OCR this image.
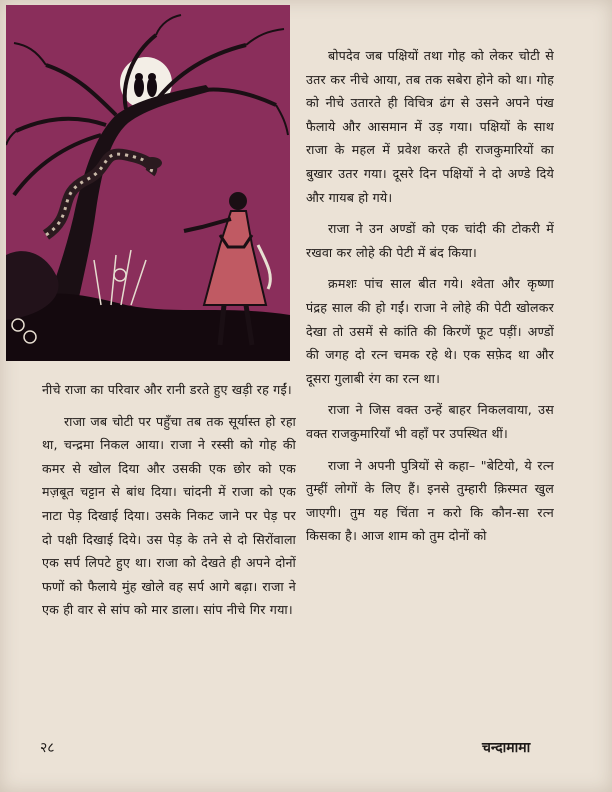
बोपदेव जब पक्षियों तथा गोह को लेकर चोटी से उतर कर नीचे आया, तब तक सबेरा होने को था। गोह को नीचे उतारते ही विचित्र ढंग से उसने अपने पंख फैलाये और आसमान में उड़ गया। पक्षियों के साथ राजा के महल में प्रवेश करते ही राजकुमारियों का बुखार उतर गया। दूसरे दिन पक्षियों ने दो अण्डे दिये और गायब हो गये।

राजा ने उन अण्डों को एक चांदी की टोकरी में रखवा कर लोहे की पेटी में बंद किया।

क्रमशः पांच साल बीत गये। श्वेता और कृष्णा पंद्रह साल की हो गईं। राजा ने लोहे की पेटी खोलकर देखा तो उसमें से कांति की किरणें फूट पड़ीं। अण्डों की जगह दो रत्न चमक रहे थे। एक सफ़ेद था और दूसरा गुलाबी रंग का रत्न था।

राजा ने जिस वक्त उन्हें बाहर निकलवाया, उस वक्त राजकुमारियाँ भी वहाँ पर उपस्थित थीं।

राजा ने अपनी पुत्रियों से कहा– "बेटियो, ये रत्न तुम्हीं लोगों के लिए हैं। इनसे तुम्हारी क़िस्मत खुल जाएगी। तुम यह चिंता न करो कि कौन-सा रत्न किसका है। आज शाम को तुम दोनों को

नीचे राजा का परिवार और रानी डरते हुए खड़ी रह गईं।

राजा जब चोटी पर पहुँचा तब तक सूर्यास्त हो रहा था, चन्द्रमा निकल आया। राजा ने रस्सी को गोह की कमर से खोल दिया और उसकी एक छोर को एक मज़बूत चट्टान से बांध दिया। चांदनी में राजा को एक नाटा पेड़ दिखाई दिया। उसके निकट जाने पर पेड़ पर दो पक्षी दिखाई दिये। उस पेड़ के तने से दो सिरोंवाला एक सर्प लिपटे हुए था। राजा को देखते ही अपने दोनों फणों को फैलाये मुंह खोले वह सर्प आगे बढ़ा। राजा ने एक ही वार से सांप को मार डाला। सांप नीचे गिर गया।

२८	चन्दामामा
